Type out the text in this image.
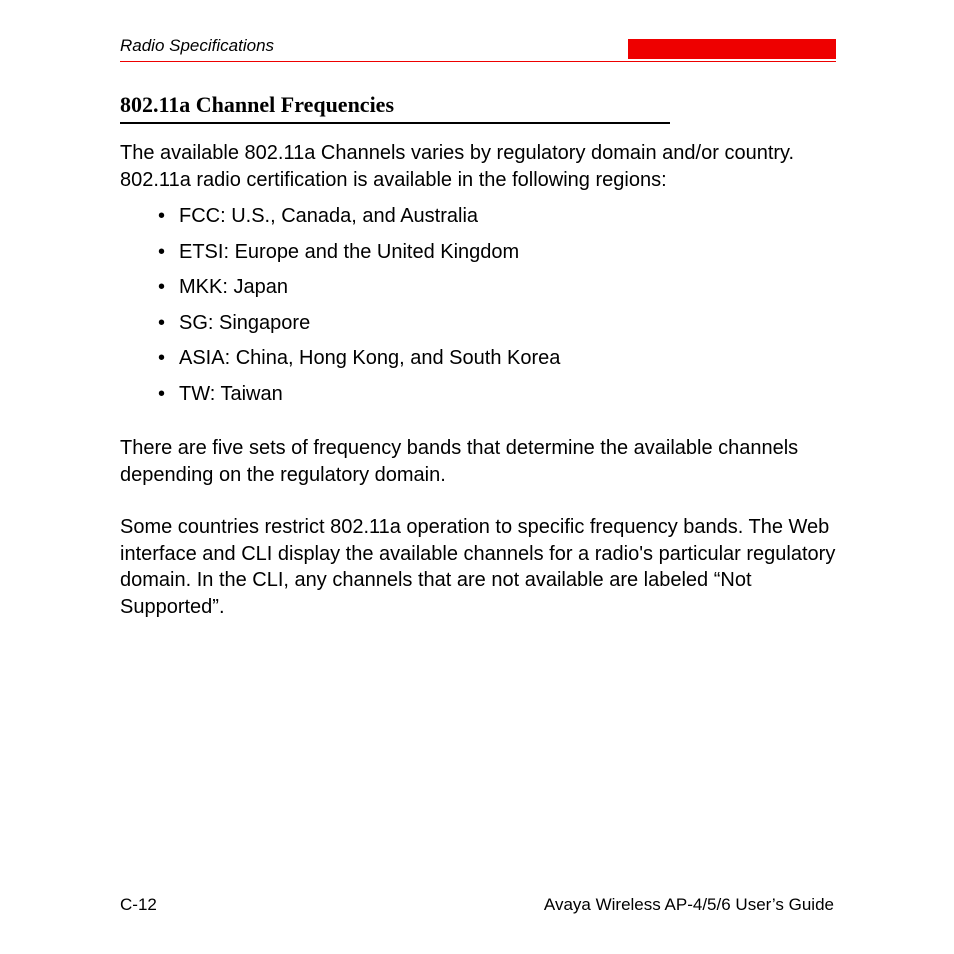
Radio Specifications
802.11a Channel Frequencies

The available 802.11a Channels varies by regulatory domain and/or country. 802.11a radio certification is available in the following regions:

• FCC: U.S., Canada, and Australia
• ETSI: Europe and the United Kingdom
• MKK: Japan
• SG: Singapore
• ASIA: China, Hong Kong, and South Korea
• TW: Taiwan

There are five sets of frequency bands that determine the available channels depending on the regulatory domain.

Some countries restrict 802.11a operation to specific frequency bands. The Web interface and CLI display the available channels for a radio's particular regulatory domain. In the CLI, any channels that are not available are labeled “Not Supported”.

C-12	Avaya Wireless AP-4/5/6 User’s Guide
